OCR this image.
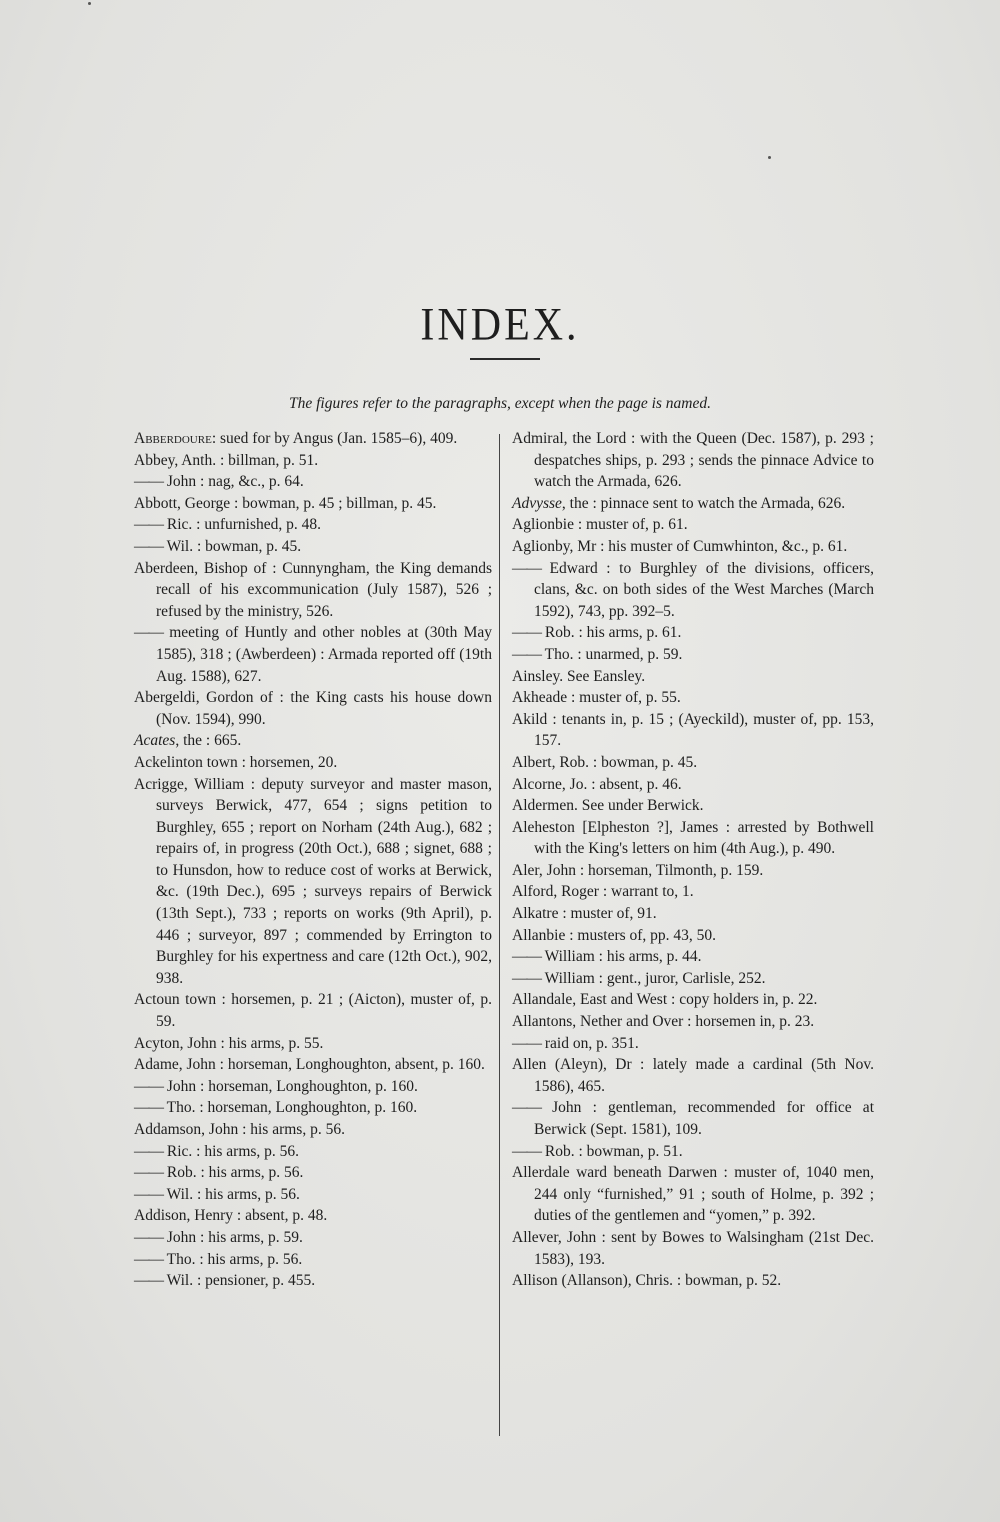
INDEX.
The figures refer to the paragraphs, except when the page is named.

Abberdoure: sued for by Angus (Jan. 1585–6), 409.

Abbey, Anth. : billman, p. 51.

—— John : nag, &c., p. 64.

Abbott, George : bowman, p. 45 ; billman, p. 45.

—— Ric. : unfurnished, p. 48.

—— Wil. : bowman, p. 45.

Aberdeen, Bishop of : Cunnyngham, the King demands recall of his excommunication (July 1587), 526 ; refused by the ministry, 526.

—— meeting of Huntly and other nobles at (30th May 1585), 318 ; (Awberdeen) : Armada reported off (19th Aug. 1588), 627.

Abergeldi, Gordon of : the King casts his house down (Nov. 1594), 990.

Acates, the : 665.

Ackelinton town : horsemen, 20.

Acrigge, William : deputy surveyor and master mason, surveys Berwick, 477, 654 ; signs petition to Burghley, 655 ; report on Norham (24th Aug.), 682 ; repairs of, in progress (20th Oct.), 688 ; signet, 688 ; to Hunsdon, how to reduce cost of works at Berwick, &c. (19th Dec.), 695 ; surveys repairs of Berwick (13th Sept.), 733 ; reports on works (9th April), p. 446 ; surveyor, 897 ; commended by Errington to Burghley for his expertness and care (12th Oct.), 902, 938.

Actoun town : horsemen, p. 21 ; (Aicton), muster of, p. 59.

Acyton, John : his arms, p. 55.

Adame, John : horseman, Longhoughton, absent, p. 160.

—— John : horseman, Longhoughton, p. 160.

—— Tho. : horseman, Longhoughton, p. 160.

Addamson, John : his arms, p. 56.

—— Ric. : his arms, p. 56.

—— Rob. : his arms, p. 56.

—— Wil. : his arms, p. 56.

Addison, Henry : absent, p. 48.

—— John : his arms, p. 59.

—— Tho. : his arms, p. 56.

—— Wil. : pensioner, p. 455.

Admiral, the Lord : with the Queen (Dec. 1587), p. 293 ; despatches ships, p. 293 ; sends the pinnace Advice to watch the Armada, 626.

Advysse, the : pinnace sent to watch the Armada, 626.

Aglionbie : muster of, p. 61.

Aglionby, Mr : his muster of Cumwhinton, &c., p. 61.

—— Edward : to Burghley of the divisions, officers, clans, &c. on both sides of the West Marches (March 1592), 743, pp. 392–5.

—— Rob. : his arms, p. 61.

—— Tho. : unarmed, p. 59.

Ainsley. See Eansley.

Akheade : muster of, p. 55.

Akild : tenants in, p. 15 ; (Ayeckild), muster of, pp. 153, 157.

Albert, Rob. : bowman, p. 45.

Alcorne, Jo. : absent, p. 46.

Aldermen. See under Berwick.

Aleheston [Elpheston ?], James : arrested by Bothwell with the King's letters on him (4th Aug.), p. 490.

Aler, John : horseman, Tilmonth, p. 159.

Alford, Roger : warrant to, 1.

Alkatre : muster of, 91.

Allanbie : musters of, pp. 43, 50.

—— William : his arms, p. 44.

—— William : gent., juror, Carlisle, 252.

Allandale, East and West : copy holders in, p. 22.

Allantons, Nether and Over : horsemen in, p. 23.

—— raid on, p. 351.

Allen (Aleyn), Dr : lately made a cardinal (5th Nov. 1586), 465.

—— John : gentleman, recommended for office at Berwick (Sept. 1581), 109.

—— Rob. : bowman, p. 51.

Allerdale ward beneath Darwen : muster of, 1040 men, 244 only “furnished,” 91 ; south of Holme, p. 392 ; duties of the gentlemen and “yomen,” p. 392.

Allever, John : sent by Bowes to Walsingham (21st Dec. 1583), 193.

Allison (Allanson), Chris. : bowman, p. 52.
